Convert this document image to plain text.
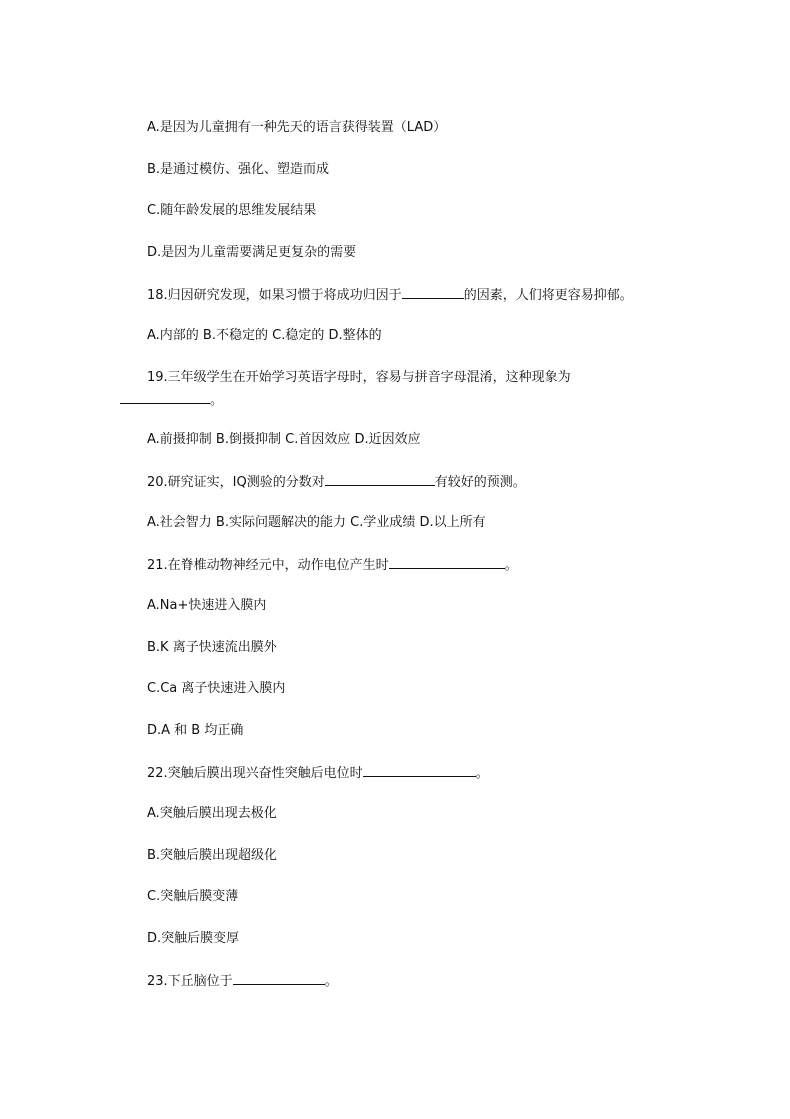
A.是因为儿童拥有一种先天的语言获得装置（LAD）
B.是通过模仿、强化、塑造而成
C.随年龄发展的思维发展结果
D.是因为儿童需要满足更复杂的需要
18.归因研究发现，如果习惯于将成功归因于	的因素，人们将更容易抑郁。
A.内部的 B.不稳定的 C.稳定的 D.整体的
19.三年级学生在开始学习英语字母时，容易与拼音字母混淆，这种现象为
。
A.前摄抑制 B.倒摄抑制 C.首因效应 D.近因效应
20.研究证实，IQ测验的分数对	有较好的预测。
A.社会智力 B.实际问题解决的能力 C.学业成绩 D.以上所有
21.在脊椎动物神经元中，动作电位产生时	。
A.Na+快速进入膜内
B.K 离子快速流出膜外
C.Ca 离子快速进入膜内
D.A 和 B 均正确
22.突触后膜出现兴奋性突触后电位时	。
A.突触后膜出现去极化
B.突触后膜出现超级化
C.突触后膜变薄
D.突触后膜变厚
23.下丘脑位于	。
